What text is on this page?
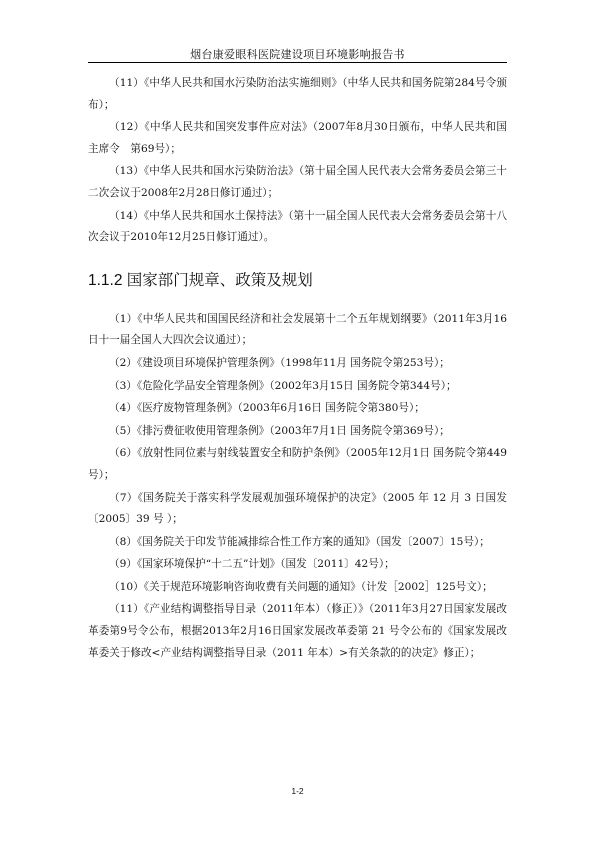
烟台康爱眼科医院建设项目环境影响报告书

（11）《中华人民共和国水污染防治法实施细则》（中华人民共和国务院第284号令颁布）；

（12）《中华人民共和国突发事件应对法》（2007年8月30日颁布，中华人民共和国主席令　第69号）；

（13）《中华人民共和国水污染防治法》（第十届全国人民代表大会常务委员会第三十二次会议于2008年2月28日修订通过）；

（14）《中华人民共和国水土保持法》（第十一届全国人民代表大会常务委员会第十八次会议于2010年12月25日修订通过）。

1.1.2 国家部门规章、政策及规划

（1）《中华人民共和国国民经济和社会发展第十二个五年规划纲要》（2011年3月16日十一届全国人大四次会议通过）；

（2）《建设项目环境保护管理条例》（1998年11月 国务院令第253号）；

（3）《危险化学品安全管理条例》（2002年3月15日 国务院令第344号）；

（4）《医疗废物管理条例》（2003年6月16日 国务院令第380号）；

（5）《排污费征收使用管理条例》（2003年7月1日 国务院令第369号）；

（6）《放射性同位素与射线装置安全和防护条例》（2005年12月1日 国务院令第449号）；

（7）《国务院关于落实科学发展观加强环境保护的决定》（2005 年 12 月 3 日国发〔2005〕39 号 ）；

（8）《国务院关于印发节能减排综合性工作方案的通知》（国发〔2007〕15号）；

（9）《国家环境保护“十二五”计划》（国发〔2011〕42号）；

（10）《关于规范环境影响咨询收费有关问题的通知》（计发［2002］125号文）；

（11）《产业结构调整指导目录（2011年本）（修正）》（2011年3月27日国家发展改革委第9号令公布，根据2013年2月16日国家发展改革委第 21 号令公布的《国家发展改革委关于修改<产业结构调整指导目录（2011 年本）>有关条款的的决定》修正）；

1-2
